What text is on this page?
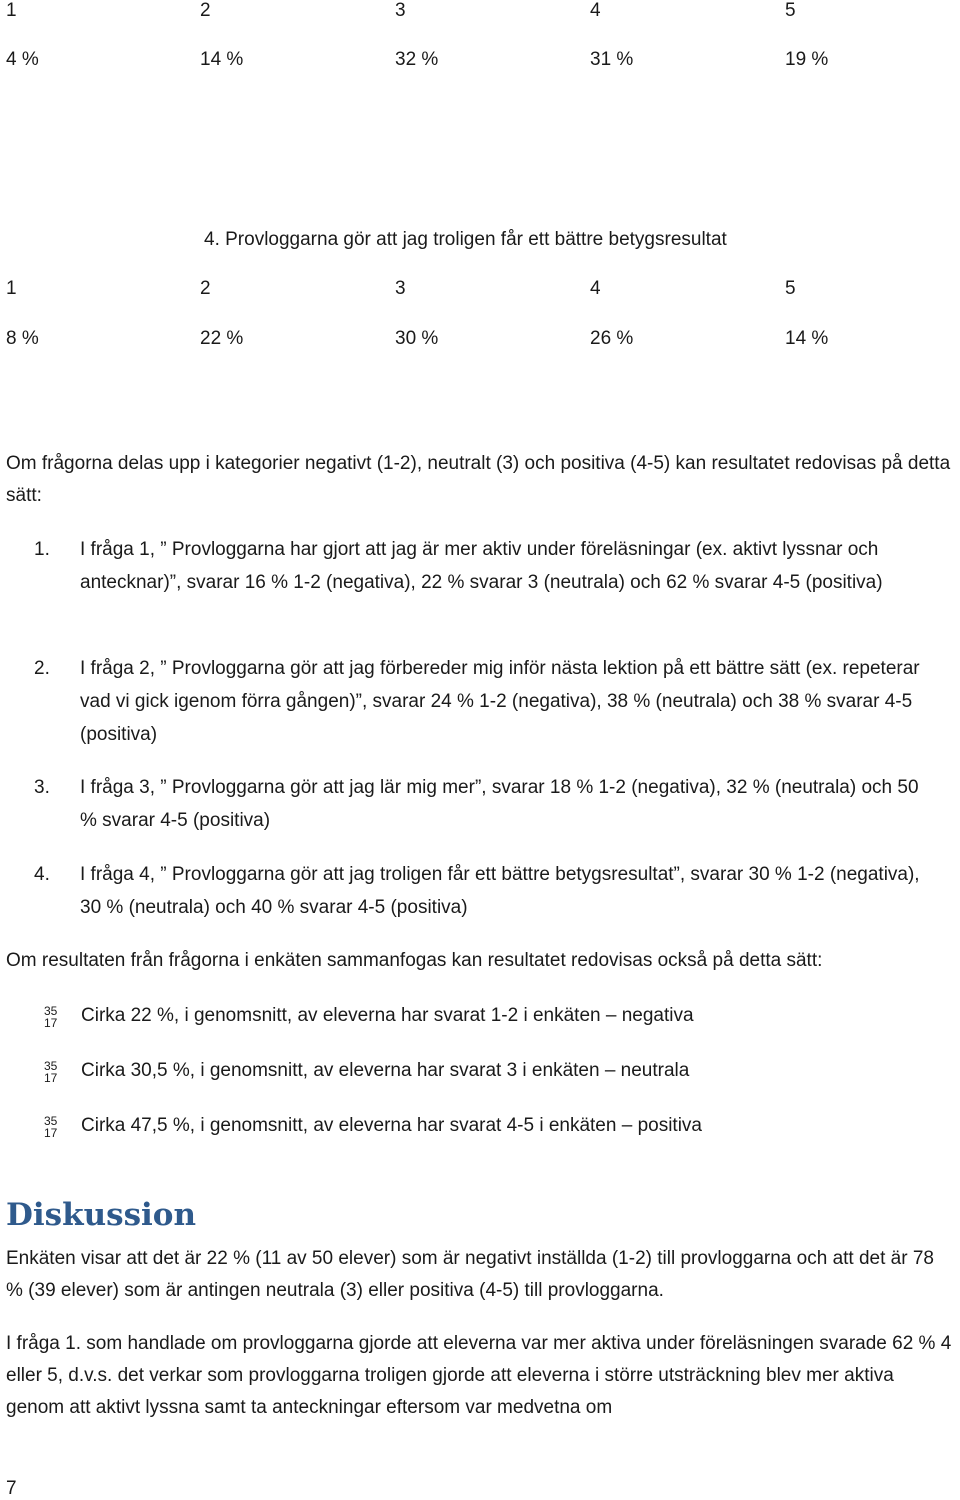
1	2	3	4	5
4 %	14 %	32 %	31 %	19 %
4. Provloggarna gör att jag troligen får ett bättre betygsresultat
1	2	3	4	5
8 %	22 %	30 %	26 %	14 %
Om frågorna delas upp i kategorier negativt (1-2), neutralt (3) och positiva (4-5) kan resultatet redovisas på detta sätt:
1. I fråga 1, ” Provloggarna har gjort att jag är mer aktiv under föreläsningar (ex. aktivt lyssnar och antecknar)”, svarar 16 % 1-2 (negativa), 22 % svarar 3 (neutrala) och 62 % svarar 4-5 (positiva)
2. I fråga 2, ” Provloggarna gör att jag förbereder mig inför nästa lektion på ett bättre sätt (ex. repeterar vad vi gick igenom förra gången)”, svarar 24 % 1-2 (negativa), 38 % (neutrala) och 38 % svarar 4-5 (positiva)
3. I fråga 3, ” Provloggarna gör att jag lär mig mer”, svarar 18 % 1-2 (negativa), 32 % (neutrala) och 50 % svarar 4-5 (positiva)
4. I fråga 4, ” Provloggarna gör att jag troligen får ett bättre betygsresultat”, svarar 30 % 1-2 (negativa), 30 % (neutrala) och 40 % svarar 4-5 (positiva)
Om resultaten från frågorna i enkäten sammanfogas kan resultatet redovisas också på detta sätt:
35
17	Cirka 22 %, i genomsnitt, av eleverna har svarat 1-2 i enkäten – negativa
35
17	Cirka 30,5 %, i genomsnitt, av eleverna har svarat 3 i enkäten – neutrala
35
17	Cirka 47,5 %, i genomsnitt, av eleverna har svarat 4-5 i enkäten – positiva
Diskussion
Enkäten visar att det är 22 % (11 av 50 elever) som är negativt inställda (1-2) till provloggarna och att det är 78 % (39 elever) som är antingen neutrala (3) eller positiva (4-5) till provloggarna.
I fråga 1. som handlade om provloggarna gjorde att eleverna var mer aktiva under föreläsningen svarade 62 % 4 eller 5, d.v.s. det verkar som provloggarna troligen gjorde att eleverna i större utsträckning blev mer aktiva genom att aktivt lyssna samt ta anteckningar eftersom var medvetna om
7
